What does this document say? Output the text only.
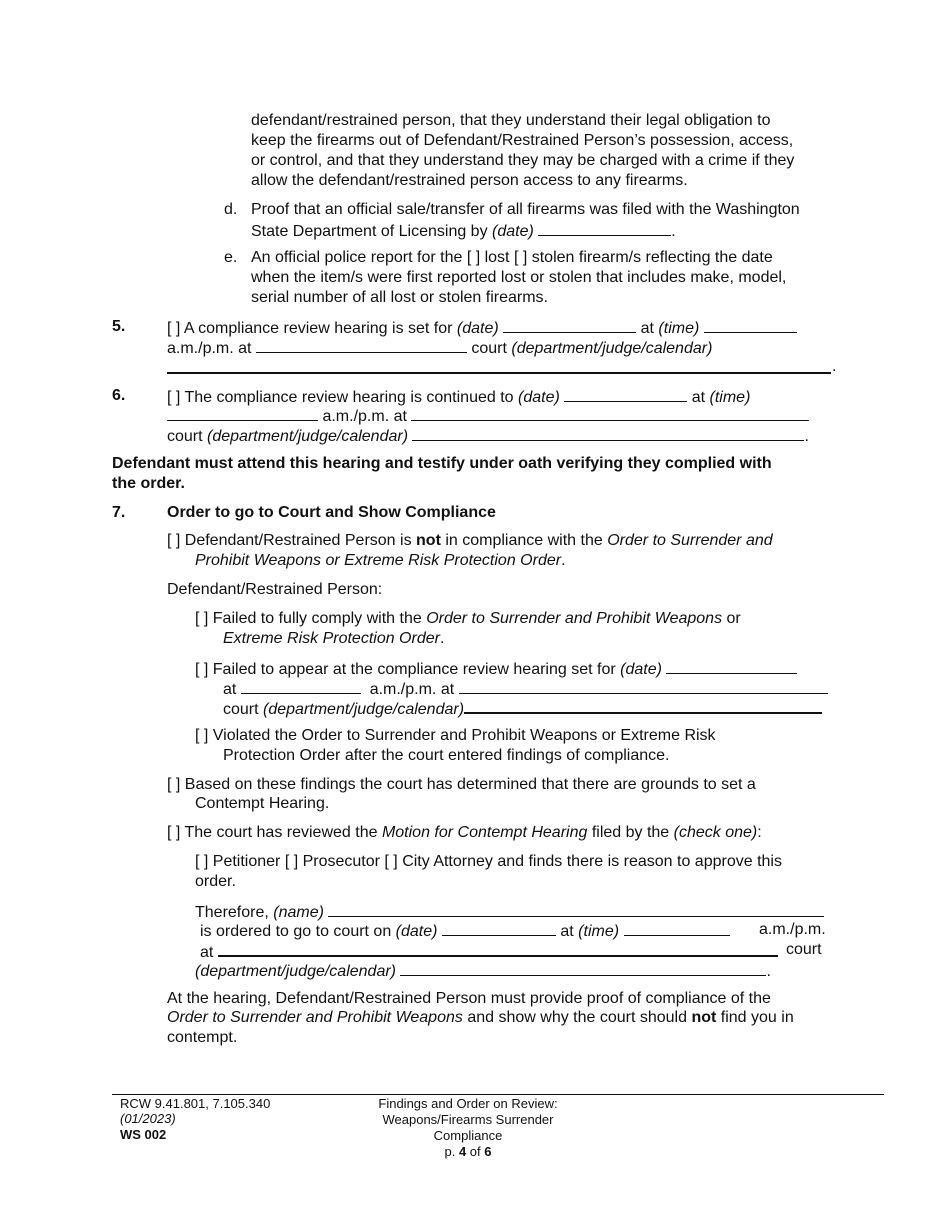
defendant/restrained person, that they understand their legal obligation to
keep the firearms out of Defendant/Restrained Person’s possession, access,
or control, and that they understand they may be charged with a crime if they
allow the defendant/restrained person access to any firearms.
d. Proof that an official sale/transfer of all firearms was filed with the Washington
State Department of Licensing by (date)	.
e. An official police report for the [ ] lost [ ] stolen firearm/s reflecting the date
when the item/s were first reported lost or stolen that includes make, model,
serial number of all lost or stolen firearms.
5.	[ ] A compliance review hearing is set for (date)	at (time)
a.m./p.m. at	court (department/judge/calendar)
.
6.	[ ] The compliance review hearing is continued to (date)	at (time)
a.m./p.m. at
court (department/judge/calendar)	.
Defendant must attend this hearing and testify under oath verifying they complied with
the order.
7.	Order to go to Court and Show Compliance
[ ] Defendant/Restrained Person is not in compliance with the Order to Surrender and
Prohibit Weapons or Extreme Risk Protection Order.
Defendant/Restrained Person:
[ ] Failed to fully comply with the Order to Surrender and Prohibit Weapons or
Extreme Risk Protection Order.
[ ] Failed to appear at the compliance review hearing set for (date)
at	a.m./p.m. at
court (department/judge/calendar)
[ ] Violated the Order to Surrender and Prohibit Weapons or Extreme Risk
Protection Order after the court entered findings of compliance.
[ ] Based on these findings the court has determined that there are grounds to set a
Contempt Hearing.
[ ] The court has reviewed the Motion for Contempt Hearing filed by the (check one):
[ ] Petitioner [ ] Prosecutor [ ] City Attorney and finds there is reason to approve this
order.
Therefore, (name)
is ordered to go to court on (date)	at (time)	a.m./p.m.
at	court
(department/judge/calendar)	.
At the hearing, Defendant/Restrained Person must provide proof of compliance of the
Order to Surrender and Prohibit Weapons and show why the court should not find you in
contempt.
RCW 9.41.801, 7.105.340
(01/2023)
WS 002
Findings and Order on Review:
Weapons/Firearms Surrender
Compliance
p. 4 of 6
